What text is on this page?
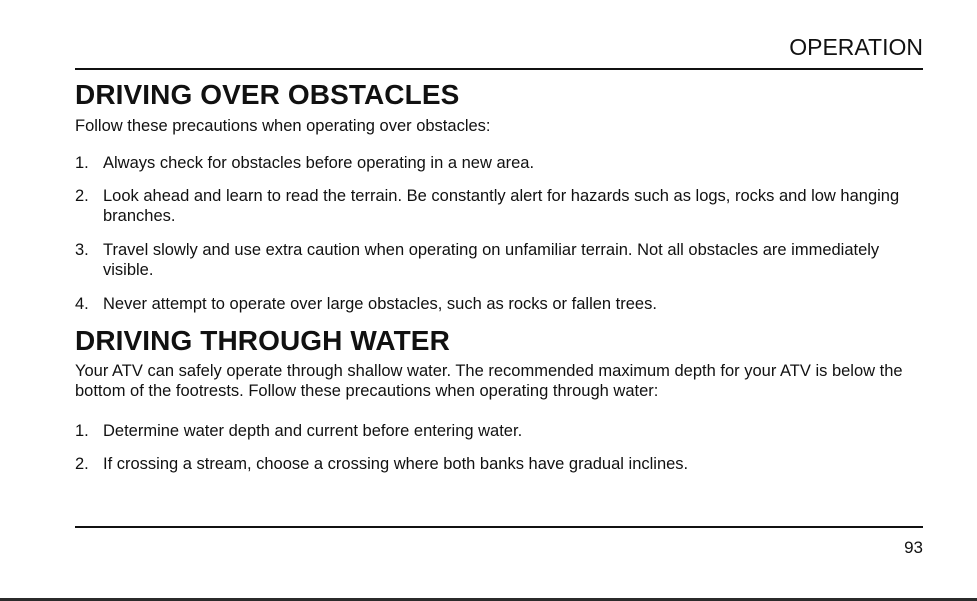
OPERATION
DRIVING OVER OBSTACLES

Follow these precautions when operating over obstacles:

1. Always check for obstacles before operating in a new area.
2. Look ahead and learn to read the terrain. Be constantly alert for hazards such as logs, rocks and low hanging branches.
3. Travel slowly and use extra caution when operating on unfamiliar terrain. Not all obstacles are immediately visible.
4. Never attempt to operate over large obstacles, such as rocks or fallen trees.
DRIVING THROUGH WATER

Your ATV can safely operate through shallow water. The recommended maximum depth for your ATV is below the bottom of the footrests. Follow these precautions when operating through water:

1. Determine water depth and current before entering water.
2. If crossing a stream, choose a crossing where both banks have gradual inclines.
93
